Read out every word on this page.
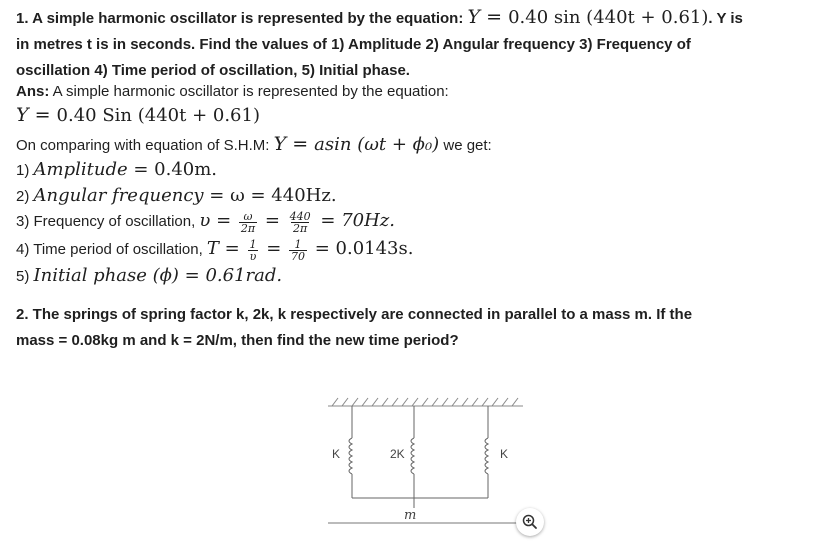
1. A simple harmonic oscillator is represented by the equation: Y = 0.40 sin (440t + 0.61). Y is
in metres t is in seconds. Find the values of 1) Amplitude 2) Angular frequency 3) Frequency of
oscillation 4) Time period of oscillation, 5) Initial phase.
Ans: A simple harmonic oscillator is represented by the equation:
Y = 0.40 Sin (440t + 0.61)
On comparing with equation of S.H.M: Y = asin (ωt + ϕ₀) we get:
1) Amplitude = 0.40m.
2) Angular frequency = ω = 440Hz.
3) Frequency of oscillation, $\upsilon = \frac{\omega}{2\pi} = \frac{440}{2\pi} = 70Hz$.
4) Time period of oscillation, $T = \frac{1}{\upsilon} = \frac{1}{70} = 0.0143s$.
5) Initial phase (ϕ) = 0.61rad.
2. The springs of spring factor k, 2k, k respectively are connected in parallel to a mass m. If the
mass = 0.08kg m and k = 2N/m, then find the new time period?
K	2K	K
m
